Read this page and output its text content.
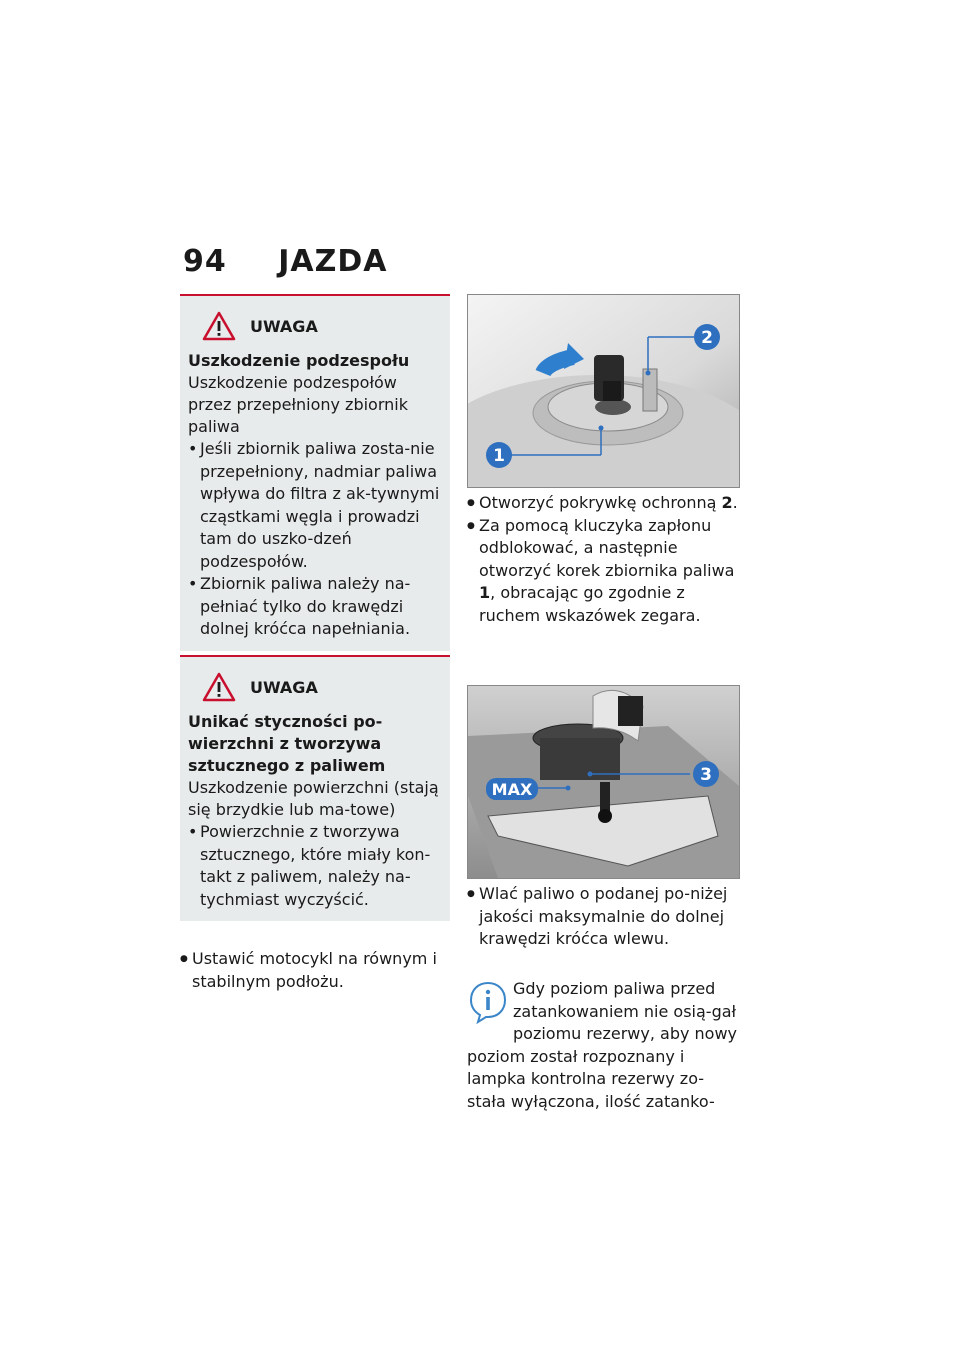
94 JAZDA
UWAGA
Uszkodzenie podzespołu
Uszkodzenie podzespołów przez przepełniony zbiornik paliwa
• Jeśli zbiornik paliwa zosta-nie przepełniony, nadmiar paliwa wpływa do filtra z ak-tywnymi cząstkami węgla i prowadzi tam do uszko-dzeń podzespołów.
• Zbiornik paliwa należy na-pełniać tylko do krawędzi dolnej króćca napełniania.
UWAGA
Unikać styczności po-wierzchni z tworzywa sztucznego z paliwem
Uszkodzenie powierzchni (stają się brzydkie lub ma-towe)
• Powierzchnie z tworzywa sztucznego, które miały kon-takt z paliwem, należy na-tychmiast wyczyścić.
● Ustawić motocykl na równym i stabilnym podłożu.
1
2
● Otworzyć pokrywkę ochronną 2.
● Za pomocą kluczyka zapłonu odblokować, a następnie otworzyć korek zbiornika paliwa 1, obracając go zgodnie z ruchem wskazówek zegara.
MAX
3
● Wlać paliwo o podanej po-niżej jakości maksymalnie do dolnej krawędzi króćca wlewu.
Gdy poziom paliwa przed zatankowaniem nie osią-gał poziomu rezerwy, aby nowy poziom został rozpoznany i lampka kontrolna rezerwy zo-stała wyłączona, ilość zatanko-
